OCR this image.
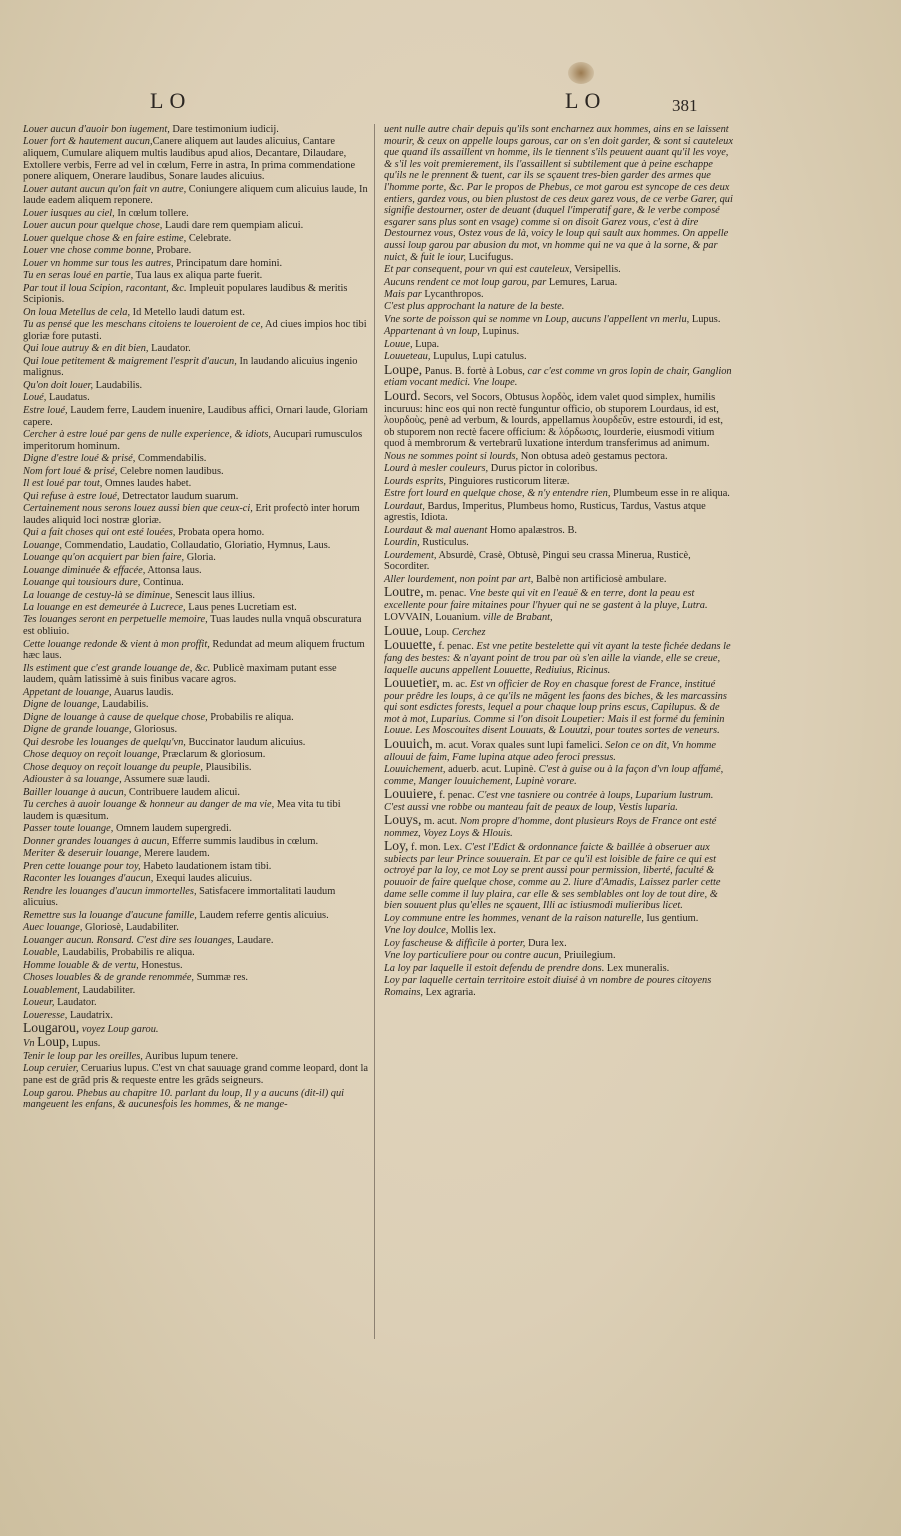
LO	LO	381
Louer aucun d'auoir bon iugement, Dare testimonium iudicij.
Louer fort & hautement aucun,Canere aliquem aut laudes alicuius, Cantare aliquem, Cumulare aliquem multis laudibus apud alios, Decantare, Dilaudare, Extollere verbis, Ferre ad vel in cœlum, Ferre in astra, In prima commendatione ponere aliquem, Onerare laudibus, Sonare laudes alicuius.
Louer autant aucun qu'on fait vn autre, Coniungere aliquem cum alicuius laude, In laude eadem aliquem reponere.
Louer iusques au ciel, In cœlum tollere.
Louer aucun pour quelque chose, Laudi dare rem quempiam alicui.
Louer quelque chose & en faire estime, Celebrate.
Louer vne chose comme bonne, Probare.
Louer vn homme sur tous les autres, Principatum dare homini.
Tu en seras loué en partie, Tua laus ex aliqua parte fuerit.
Par tout il loua Scipion, racontant, &c. Impleuit populares laudibus & meritis Scipionis.
On loua Metellus de cela, Id Metello laudi datum est.
Tu as pensé que les meschans citoiens te loueroient de ce, Ad ciues impios hoc tibi gloriæ fore putasti.
Qui loue autruy & en dit bien, Laudator.
Qui loue petitement & maigrement l'esprit d'aucun, In laudando alicuius ingenio malignus.
Qu'on doit louer, Laudabilis.
Loué, Laudatus.
Estre loué, Laudem ferre, Laudem inuenire, Laudibus affici, Ornari laude, Gloriam capere.
Cercher à estre loué par gens de nulle experience, & idiots, Aucupari rumusculos imperitorum hominum.
Digne d'estre loué & prisé, Commendabilis.
Nom fort loué & prisé, Celebre nomen laudibus.
Il est loué par tout, Omnes laudes habet.
Qui refuse à estre loué, Detrectator laudum suarum.
Certainement nous serons louez aussi bien que ceux-ci, Erit profectò inter horum laudes aliquid loci nostræ gloriæ.
Qui a fait choses qui ont esté louées, Probata opera homo.
Louange, Commendatio, Laudatio, Collaudatio, Gloriatio, Hymnus, Laus.
Louange qu'on acquiert par bien faire, Gloria.
Louange diminuée & effacée, Attonsa laus.
Louange qui tousiours dure, Continua.
La louange de cestuy-là se diminue, Senescit laus illius.
La louange en est demeurée à Lucrece, Laus penes Lucretiam est.
Tes louanges seront en perpetuelle memoire, Tuas laudes nulla vnquã obscuratura est obliuio.
Cette louange redonde & vient à mon proffit, Redundat ad meum aliquem fructum hæc laus.
Ils estiment que c'est grande louange de, &c. Publicè maximam putant esse laudem, quàm latissimè à suis finibus vacare agros.
Appetant de louange, Auarus laudis.
Digne de louange, Laudabilis.
Digne de louange à cause de quelque chose, Probabilis re aliqua.
Digne de grande louange, Gloriosus.
Qui desrobe les louanges de quelqu'vn, Buccinator laudum alicuius.
Chose dequoy on reçoit louange, Præclarum & gloriosum.
Chose dequoy on reçoit louange du peuple, Plausibilis.
Adiouster à sa louange, Assumere suæ laudi.
Bailler louange à aucun, Contribuere laudem alicui.
Tu cerches à auoir louange & honneur au danger de ma vie, Mea vita tu tibi laudem is quæsitum.
Passer toute louange, Omnem laudem supergredi.
Donner grandes louanges à aucun, Efferre summis laudibus in cœlum.
Meriter & deseruir louange, Merere laudem.
Pren cette louange pour toy, Habeto laudationem istam tibi.
Raconter les louanges d'aucun, Exequi laudes alicuius.
Rendre les louanges d'aucun immortelles, Satisfacere immortalitati laudum alicuius.
Remettre sus la louange d'aucune famille, Laudem referre gentis alicuius.
Auec louange, Gloriosè, Laudabiliter.
Louanger aucun. Ronsard. C'est dire ses louanges, Laudare.
Louable, Laudabilis, Probabilis re aliqua.
Homme louable & de vertu, Honestus.
Choses louables & de grande renommée, Summæ res.
Louablement, Laudabiliter.
Loueur, Laudator.
Loueresse, Laudatrix.
Lougarou, voyez Loup garou.
Vn Loup, Lupus.
Tenir le loup par les oreilles, Auribus lupum tenere.
Loup ceruier, Ceruarius lupus. C'est vn chat sauuage grand comme leopard, dont la pane est de grãd pris & requeste entre les grãds seigneurs.
Loup garou. Phebus au chapitre 10. parlant du loup, Il y a aucuns (dit-il) qui mangeuent les enfans, & aucunesfois les hommes, & ne mange-
uent nulle autre chair depuis qu'ils sont encharnez aux hommes, ains en se laissent mourir, & ceux on appelle loups garous, car on s'en doit garder, & sont si cauteleux que quand ils assaillent vn homme, ils le tiennent s'ils peuuent auant qu'il les voye, & s'il les voit premierement, ils l'assaillent si subtilement que à peine eschappe qu'ils ne le prennent & tuent, car ils se sçauent tres-bien garder des armes que l'homme porte, &c. Par le propos de Phebus, ce mot garou est syncope de ces deux entiers, gardez vous, ou bien plustost de ces deux garez vous, de ce verbe Garer, qui signifie destourner, oster de deuant (duquel l'imperatif gare, & le verbe composé esgarer sans plus sont en vsage) comme si on disoit Garez vous, c'est à dire Destournez vous, Ostez vous de là, voicy le loup qui sault aux hommes. On appelle aussi loup garou par abusion du mot, vn homme qui ne va que à la sorne, & par nuict, & fuit le iour, Lucifugus.
Et par consequent, pour vn qui est cauteleux, Versipellis.
Aucuns rendent ce mot loup garou, par Lemures, Larua.
Mais par Lycanthropos.
C'est plus approchant la nature de la beste.
Vne sorte de poisson qui se nomme vn Loup, aucuns l'appellent vn merlu, Lupus.
Appartenant à vn loup, Lupinus.
Louue, Lupa.
Louueteau, Lupulus, Lupi catulus.
Loupe, Panus. B. fortè à Lobus, car c'est comme vn gros lopin de chair, Ganglion etiam vocant medici. Vne loupe.
Lourd. Secors, vel Socors, Obtusus λορδὸς, idem valet quod simplex, humilis incuruus: hinc eos qui non rectè funguntur officio, ob stuporem Lourdaus, id est, λουρδοὺς, penè ad verbum, & lourds, appellamus λουρδεῦν, estre estourdi, id est, ob stuporem non rectè facere officium: & λόρδωσις, lourderie, eiusmodi vitium quod à membrorum & vertebrarũ luxatione interdum transferimus ad animum.
Nous ne sommes point si lourds, Non obtusa adeò gestamus pectora.
Lourd à mesler couleurs, Durus pictor in coloribus.
Lourds esprits, Pinguiores rusticorum literæ.
Estre fort lourd en quelque chose, & n'y entendre rien, Plumbeum esse in re aliqua.
Lourdaut, Bardus, Imperitus, Plumbeus homo, Rusticus, Tardus, Vastus atque agrestis, Idiota.
Lourdaut & mal auenant Homo apalæstros. B.
Lourdin, Rusticulus.
Lourdement, Absurdè, Crasè, Obtusè, Pingui seu crassa Minerua, Rusticè, Socorditer.
Aller lourdement, non point par art, Balbè non artificiosè ambulare.
Loutre, m. penac. Vne beste qui vit en l'eauë & en terre, dont la peau est excellente pour faire mitaines pour l'hyuer qui ne se gastent à la pluye, Lutra.
LOVVAIN, Louanium. ville de Brabant,
Louue, Loup. Cerchez
Louuette, f. penac. Est vne petite bestelette qui vit ayant la teste fichée dedans le fang des bestes: & n'ayant point de trou par où s'en aille la viande, elle se creue, laquelle aucuns appellent Louuette, Rediuius, Ricinus.
Louuetier, m. ac. Est vn officier de Roy en chasque forest de France, institué pour prêdre les loups, à ce qu'ils ne mãgent les faons des biches, & les marcassins qui sont esdictes forests, lequel a pour chaque loup prins escus, Capilupus. & de mot à mot, Luparius. Comme si l'on disoit Loupetier: Mais il est formé du feminin Louue. Les Moscouites disent Louuats, & Louutzi, pour toutes sortes de veneurs.
Louuich, m. acut. Vorax quales sunt lupi famelici. Selon ce on dit, Vn homme allouui de faim, Fame lupina atque adeo feroci pressus.
Louuichement, aduerb. acut. Lupinè. C'est à guise ou à la façon d'vn loup affamé, comme, Manger louuichement, Lupinè vorare.
Louuiere, f. penac. C'est vne tasniere ou contrée à loups, Luparium lustrum. C'est aussi vne robbe ou manteau fait de peaux de loup, Vestis luparia.
Louys, m. acut. Nom propre d'homme, dont plusieurs Roys de France ont esté nommez, Voyez Loys & Hlouis.
Loy, f. mon. Lex. C'est l'Edict & ordonnance faicte & baillée à obseruer aux subiects par leur Prince souuerain. Et par ce qu'il est loisible de faire ce qui est octroyé par la loy, ce mot Loy se prent aussi pour permission, liberté, faculté & pouuoir de faire quelque chose, comme au 2. liure d'Amadis, Laissez parler cette dame selle comme il luy plaira, car elle & ses semblables ont loy de tout dire, & bien souuent plus qu'elles ne sçauent, Illi ac istiusmodi mulieribus licet.
Loy commune entre les hommes, venant de la raison naturelle, Ius gentium.
Vne loy doulce, Mollis lex.
Loy fascheuse & difficile à porter, Dura lex.
Vne loy particuliere pour ou contre aucun, Priuilegium.
La loy par laquelle il estoit defendu de prendre dons. Lex muneralis.
Loy par laquelle certain territoire estoit diuisé à vn nombre de poures citoyens Romains, Lex agraria.
